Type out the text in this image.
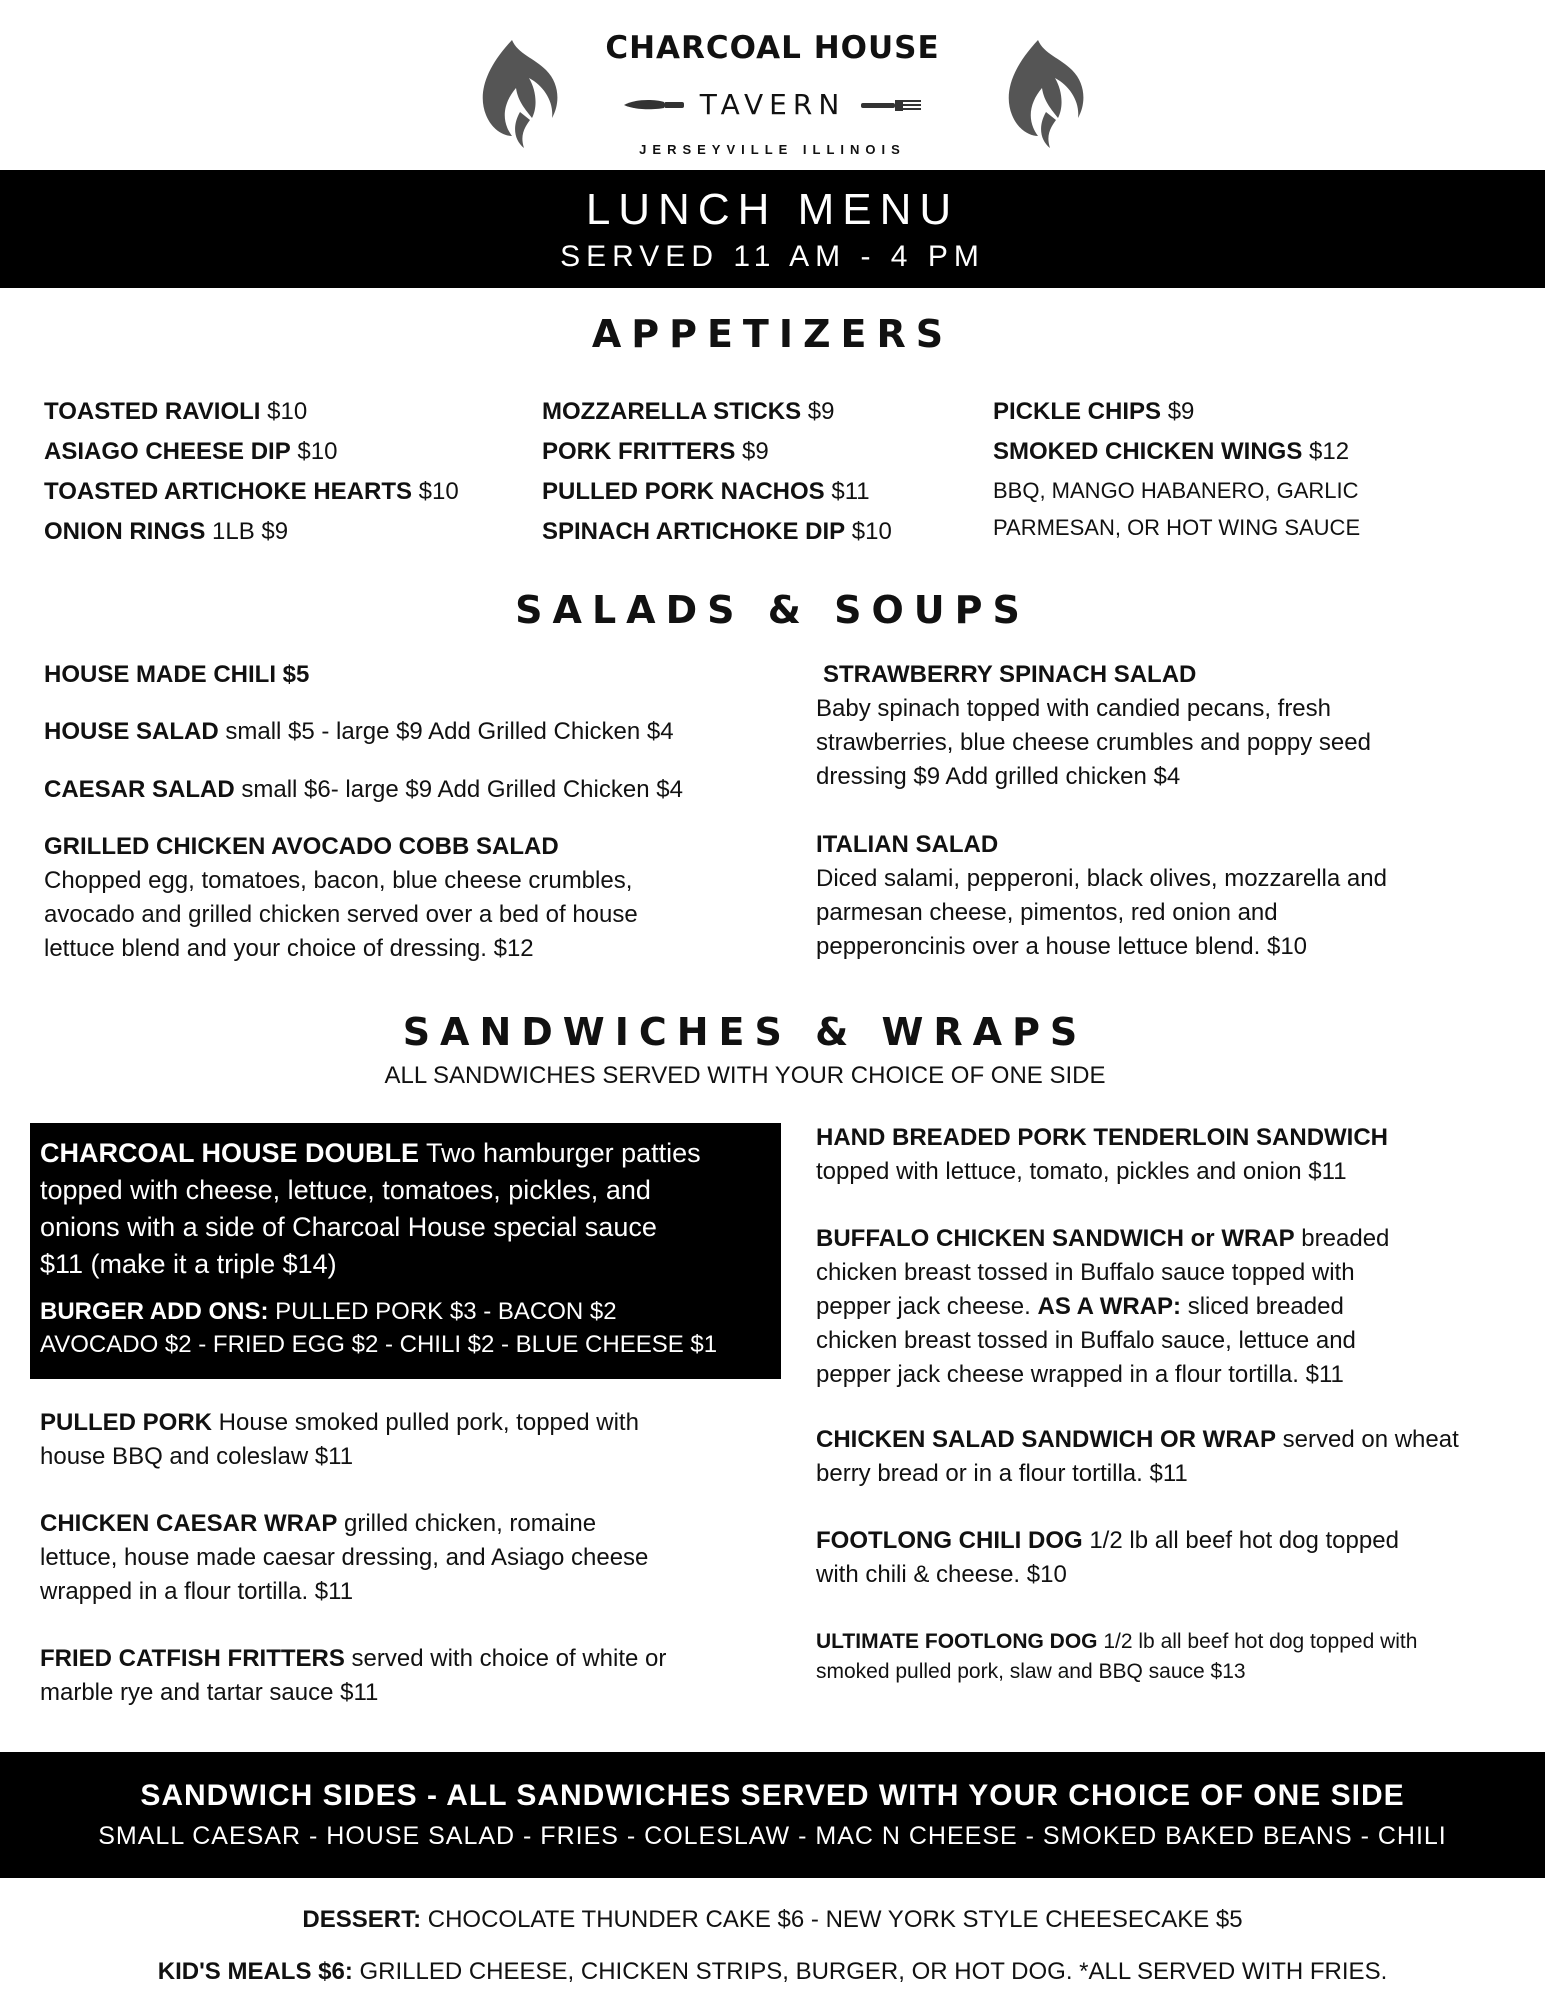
CHARCOAL HOUSE
TAVERN
JERSEYVILLE ILLINOIS
LUNCH MENU
SERVED 11 AM - 4 PM
APPETIZERS
TOASTED RAVIOLI $10
ASIAGO CHEESE DIP $10
TOASTED ARTICHOKE HEARTS $10
ONION RINGS 1LB $9
MOZZARELLA STICKS $9
PORK FRITTERS $9
PULLED PORK NACHOS $11
SPINACH ARTICHOKE DIP $10
PICKLE CHIPS $9
SMOKED CHICKEN WINGS $12
BBQ, MANGO HABANERO, GARLIC
PARMESAN, OR HOT WING SAUCE
SALADS & SOUPS
HOUSE MADE CHILI $5
HOUSE SALAD small $5 - large $9 Add Grilled Chicken $4
CAESAR SALAD small $6- large $9 Add Grilled Chicken $4
GRILLED CHICKEN AVOCADO COBB SALAD
Chopped egg, tomatoes, bacon, blue cheese crumbles,
avocado and grilled chicken served over a bed of house
lettuce blend and your choice of dressing. $12
STRAWBERRY SPINACH SALAD
Baby spinach topped with candied pecans, fresh
strawberries, blue cheese crumbles and poppy seed
dressing $9 Add grilled chicken $4
ITALIAN SALAD
Diced salami, pepperoni, black olives, mozzarella and
parmesan cheese, pimentos, red onion and
pepperoncinis over a house lettuce blend. $10
SANDWICHES & WRAPS
ALL SANDWICHES SERVED WITH YOUR CHOICE OF ONE SIDE
CHARCOAL HOUSE DOUBLE Two hamburger patties
topped with cheese, lettuce, tomatoes, pickles, and
onions with a side of Charcoal House special sauce
$11 (make it a triple $14)
BURGER ADD ONS: PULLED PORK $3 - BACON $2
AVOCADO $2 - FRIED EGG $2 - CHILI $2 - BLUE CHEESE $1
PULLED PORK House smoked pulled pork, topped with
house BBQ and coleslaw $11
CHICKEN CAESAR WRAP grilled chicken, romaine
lettuce, house made caesar dressing, and Asiago cheese
wrapped in a flour tortilla. $11
FRIED CATFISH FRITTERS served with choice of white or
marble rye and tartar sauce $11
HAND BREADED PORK TENDERLOIN SANDWICH
topped with lettuce, tomato, pickles and onion $11
BUFFALO CHICKEN SANDWICH or WRAP breaded
chicken breast tossed in Buffalo sauce topped with
pepper jack cheese. AS A WRAP: sliced breaded
chicken breast tossed in Buffalo sauce, lettuce and
pepper jack cheese wrapped in a flour tortilla. $11
CHICKEN SALAD SANDWICH OR WRAP served on wheat
berry bread or in a flour tortilla. $11
FOOTLONG CHILI DOG 1/2 lb all beef hot dog topped
with chili & cheese. $10
ULTIMATE FOOTLONG DOG 1/2 lb all beef hot dog topped with
smoked pulled pork, slaw and BBQ sauce $13
SANDWICH SIDES - ALL SANDWICHES SERVED WITH YOUR CHOICE OF ONE SIDE
SMALL CAESAR - HOUSE SALAD - FRIES - COLESLAW - MAC N CHEESE - SMOKED BAKED BEANS - CHILI
DESSERT: CHOCOLATE THUNDER CAKE $6 - NEW YORK STYLE CHEESECAKE $5
KID'S MEALS $6: GRILLED CHEESE, CHICKEN STRIPS, BURGER, OR HOT DOG. *ALL SERVED WITH FRIES.
